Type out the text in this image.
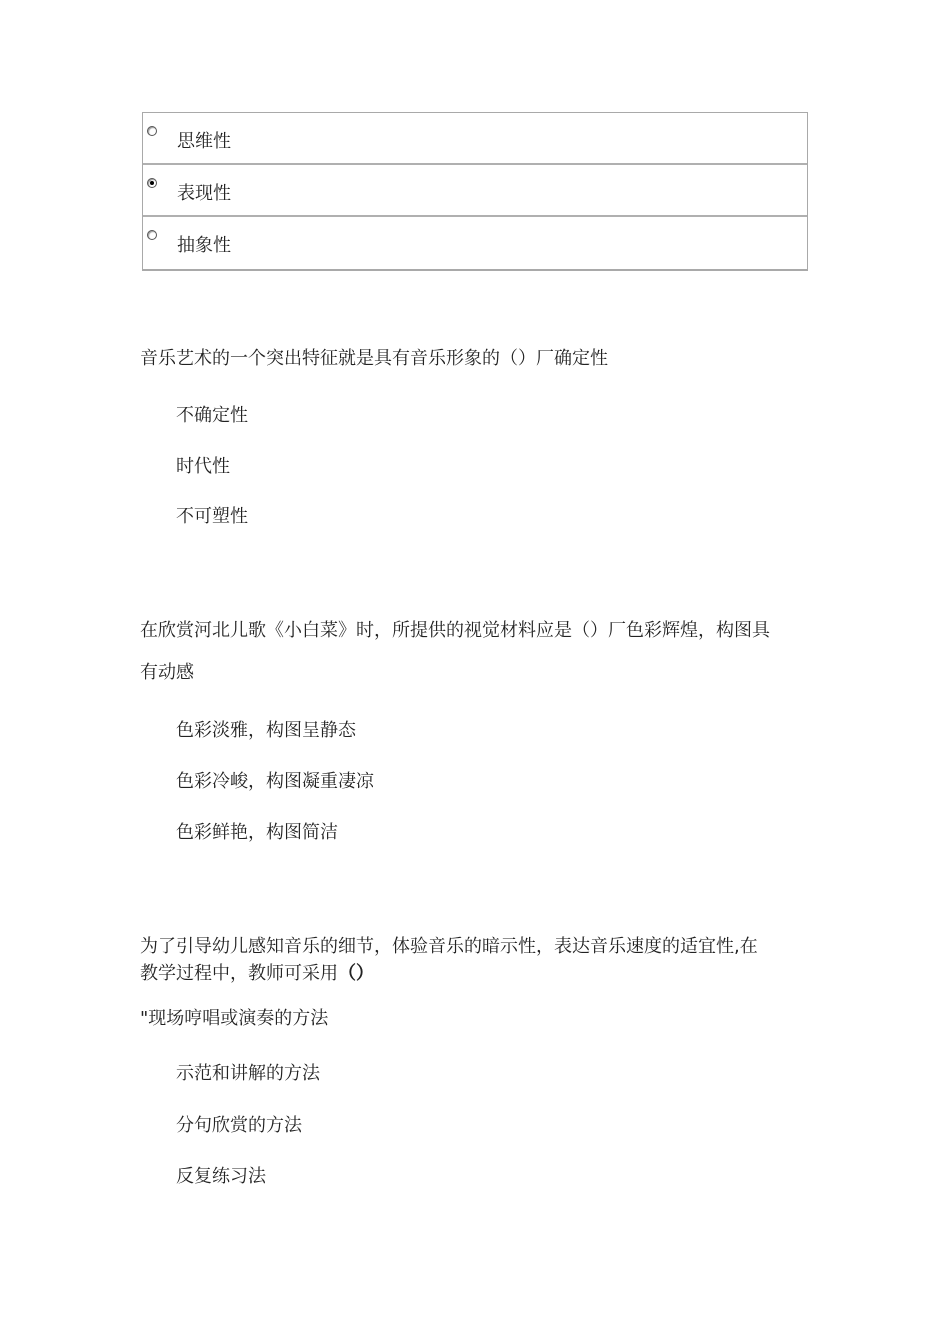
思维性
表现性
抽象性
音乐艺术的一个突出特征就是具有音乐形象的（）厂确定性
不确定性
时代性
不可塑性
在欣赏河北儿歌《小白菜》时，所提供的视觉材料应是（）厂色彩辉煌，构图具
有动感
色彩淡雅，构图呈静态
色彩冷峻，构图凝重凄凉
色彩鲜艳，构图简洁
为了引导幼儿感知音乐的细节，体验音乐的暗示性，表达音乐速度的适宜性,在
教学过程中，教师可采用（）
"现场哼唱或演奏的方法
示范和讲解的方法
分句欣赏的方法
反复练习法
